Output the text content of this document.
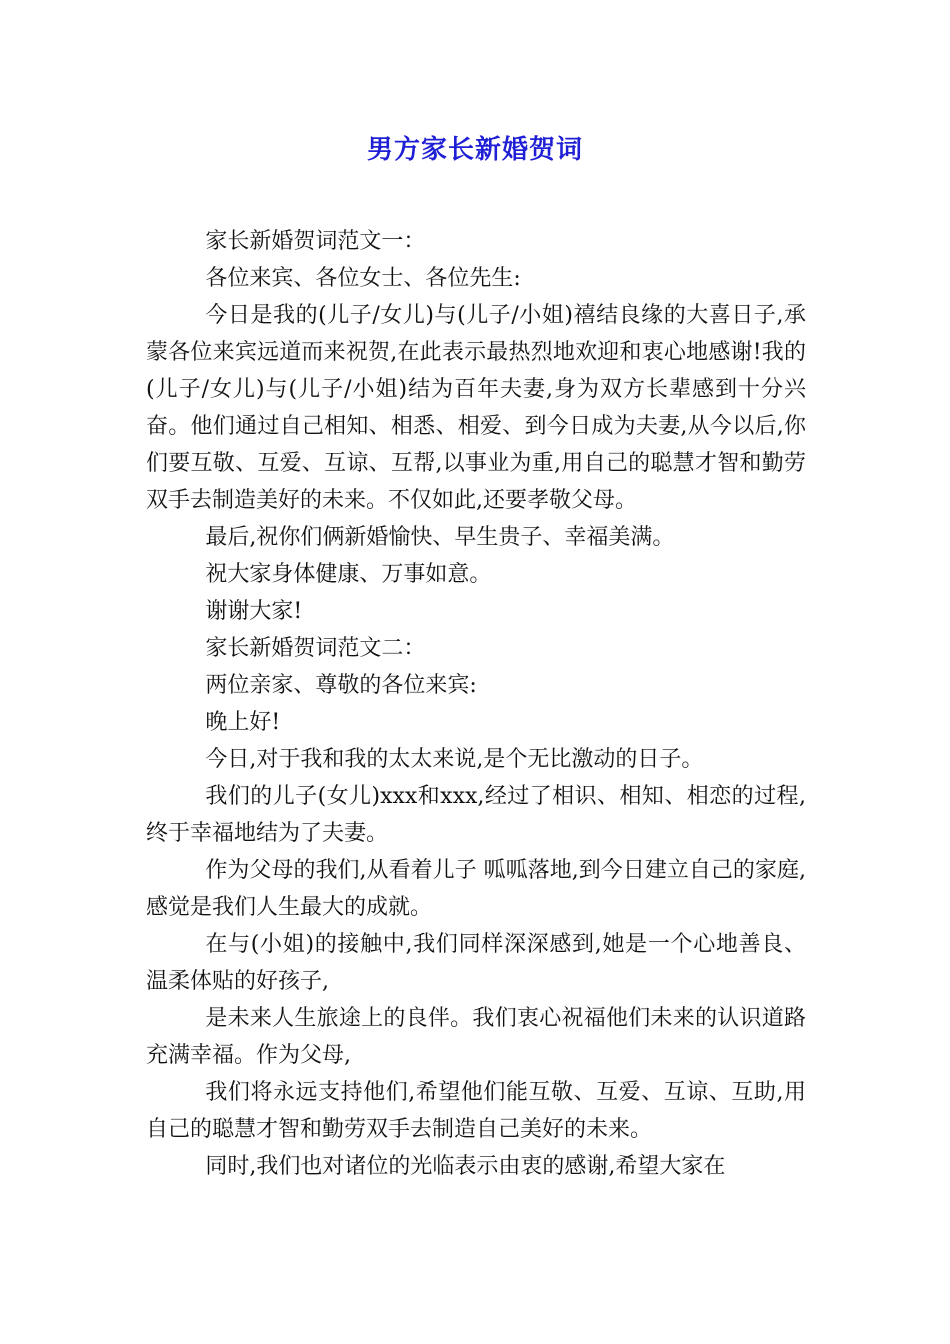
男方家长新婚贺词

家长新婚贺词范文一：

各位来宾、各位女士、各位先生:

今日是我的(儿子/女儿)与(儿子/小姐)禧结良缘的大喜日子,承蒙各位来宾远道而来祝贺,在此表示最热烈地欢迎和衷心地感谢!我的(儿子/女儿)与(儿子/小姐)结为百年夫妻,身为双方长辈感到十分兴奋。他们通过自己相知、相悉、相爱、到今日成为夫妻,从今以后,你们要互敬、互爱、互谅、互帮,以事业为重,用自己的聪慧才智和勤劳双手去制造美好的未来。不仅如此,还要孝敬父母。

最后,祝你们俩新婚愉快、早生贵子、幸福美满。

祝大家身体健康、万事如意。

谢谢大家!

家长新婚贺词范文二：

两位亲家、尊敬的各位来宾:

晚上好!

今日,对于我和我的太太来说,是个无比激动的日子。

我们的儿子(女儿)xxx和xxx,经过了相识、相知、相恋的过程,终于幸福地结为了夫妻。

作为父母的我们,从看着儿子 呱呱落地,到今日建立自己的家庭,感觉是我们人生最大的成就。

在与(小姐)的接触中,我们同样深深感到,她是一个心地善良、温柔体贴的好孩子,

是未来人生旅途上的良伴。我们衷心祝福他们未来的认识道路充满幸福。作为父母,

我们将永远支持他们,希望他们能互敬、互爱、互谅、互助,用自己的聪慧才智和勤劳双手去制造自己美好的未来。

同时,我们也对诸位的光临表示由衷的感谢,希望大家在
